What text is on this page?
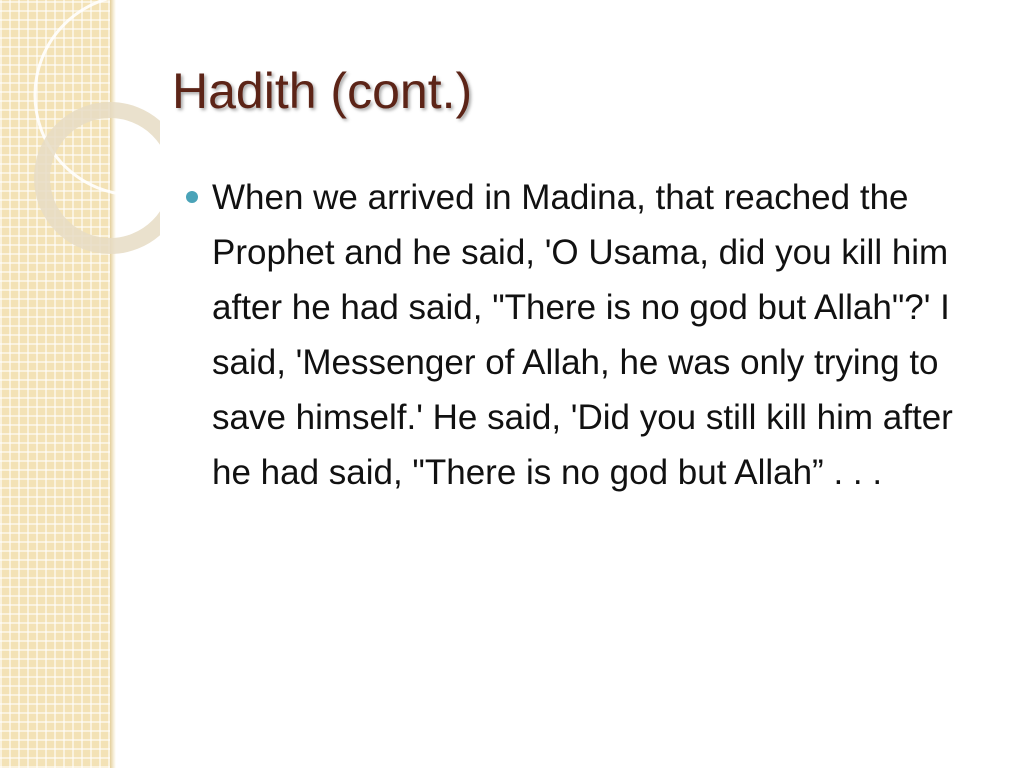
Hadith (cont.)
When we arrived in Madina, that reached the Prophet and he said, 'O Usama, did you kill him after he had said, "There is no god but Allah"?' I said, 'Messenger of Allah, he was only trying to save himself.' He said, 'Did you still kill him after he had said, "There is no god but Allah” . . .
